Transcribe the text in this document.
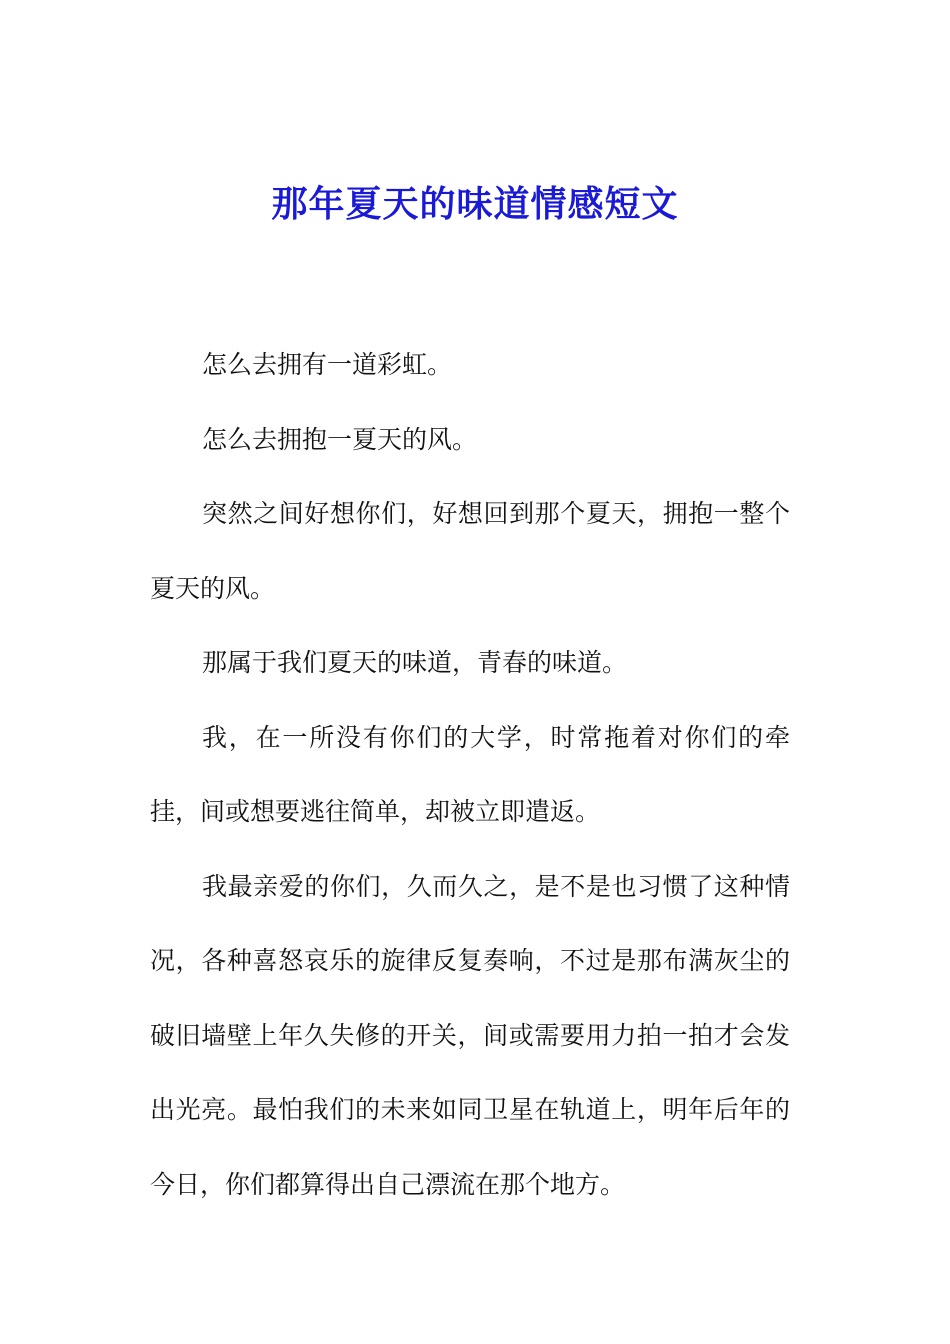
那年夏天的味道情感短文

怎么去拥有一道彩虹。

怎么去拥抱一夏天的风。

突然之间好想你们，好想回到那个夏天，拥抱一整个夏天的风。

那属于我们夏天的味道，青春的味道。

我，在一所没有你们的大学，时常拖着对你们的牵挂，间或想要逃往简单，却被立即遣返。

我最亲爱的你们，久而久之，是不是也习惯了这种情况，各种喜怒哀乐的旋律反复奏响，不过是那布满灰尘的破旧墙壁上年久失修的开关，间或需要用力拍一拍才会发出光亮。最怕我们的未来如同卫星在轨道上，明年后年的今日，你们都算得出自己漂流在那个地方。
